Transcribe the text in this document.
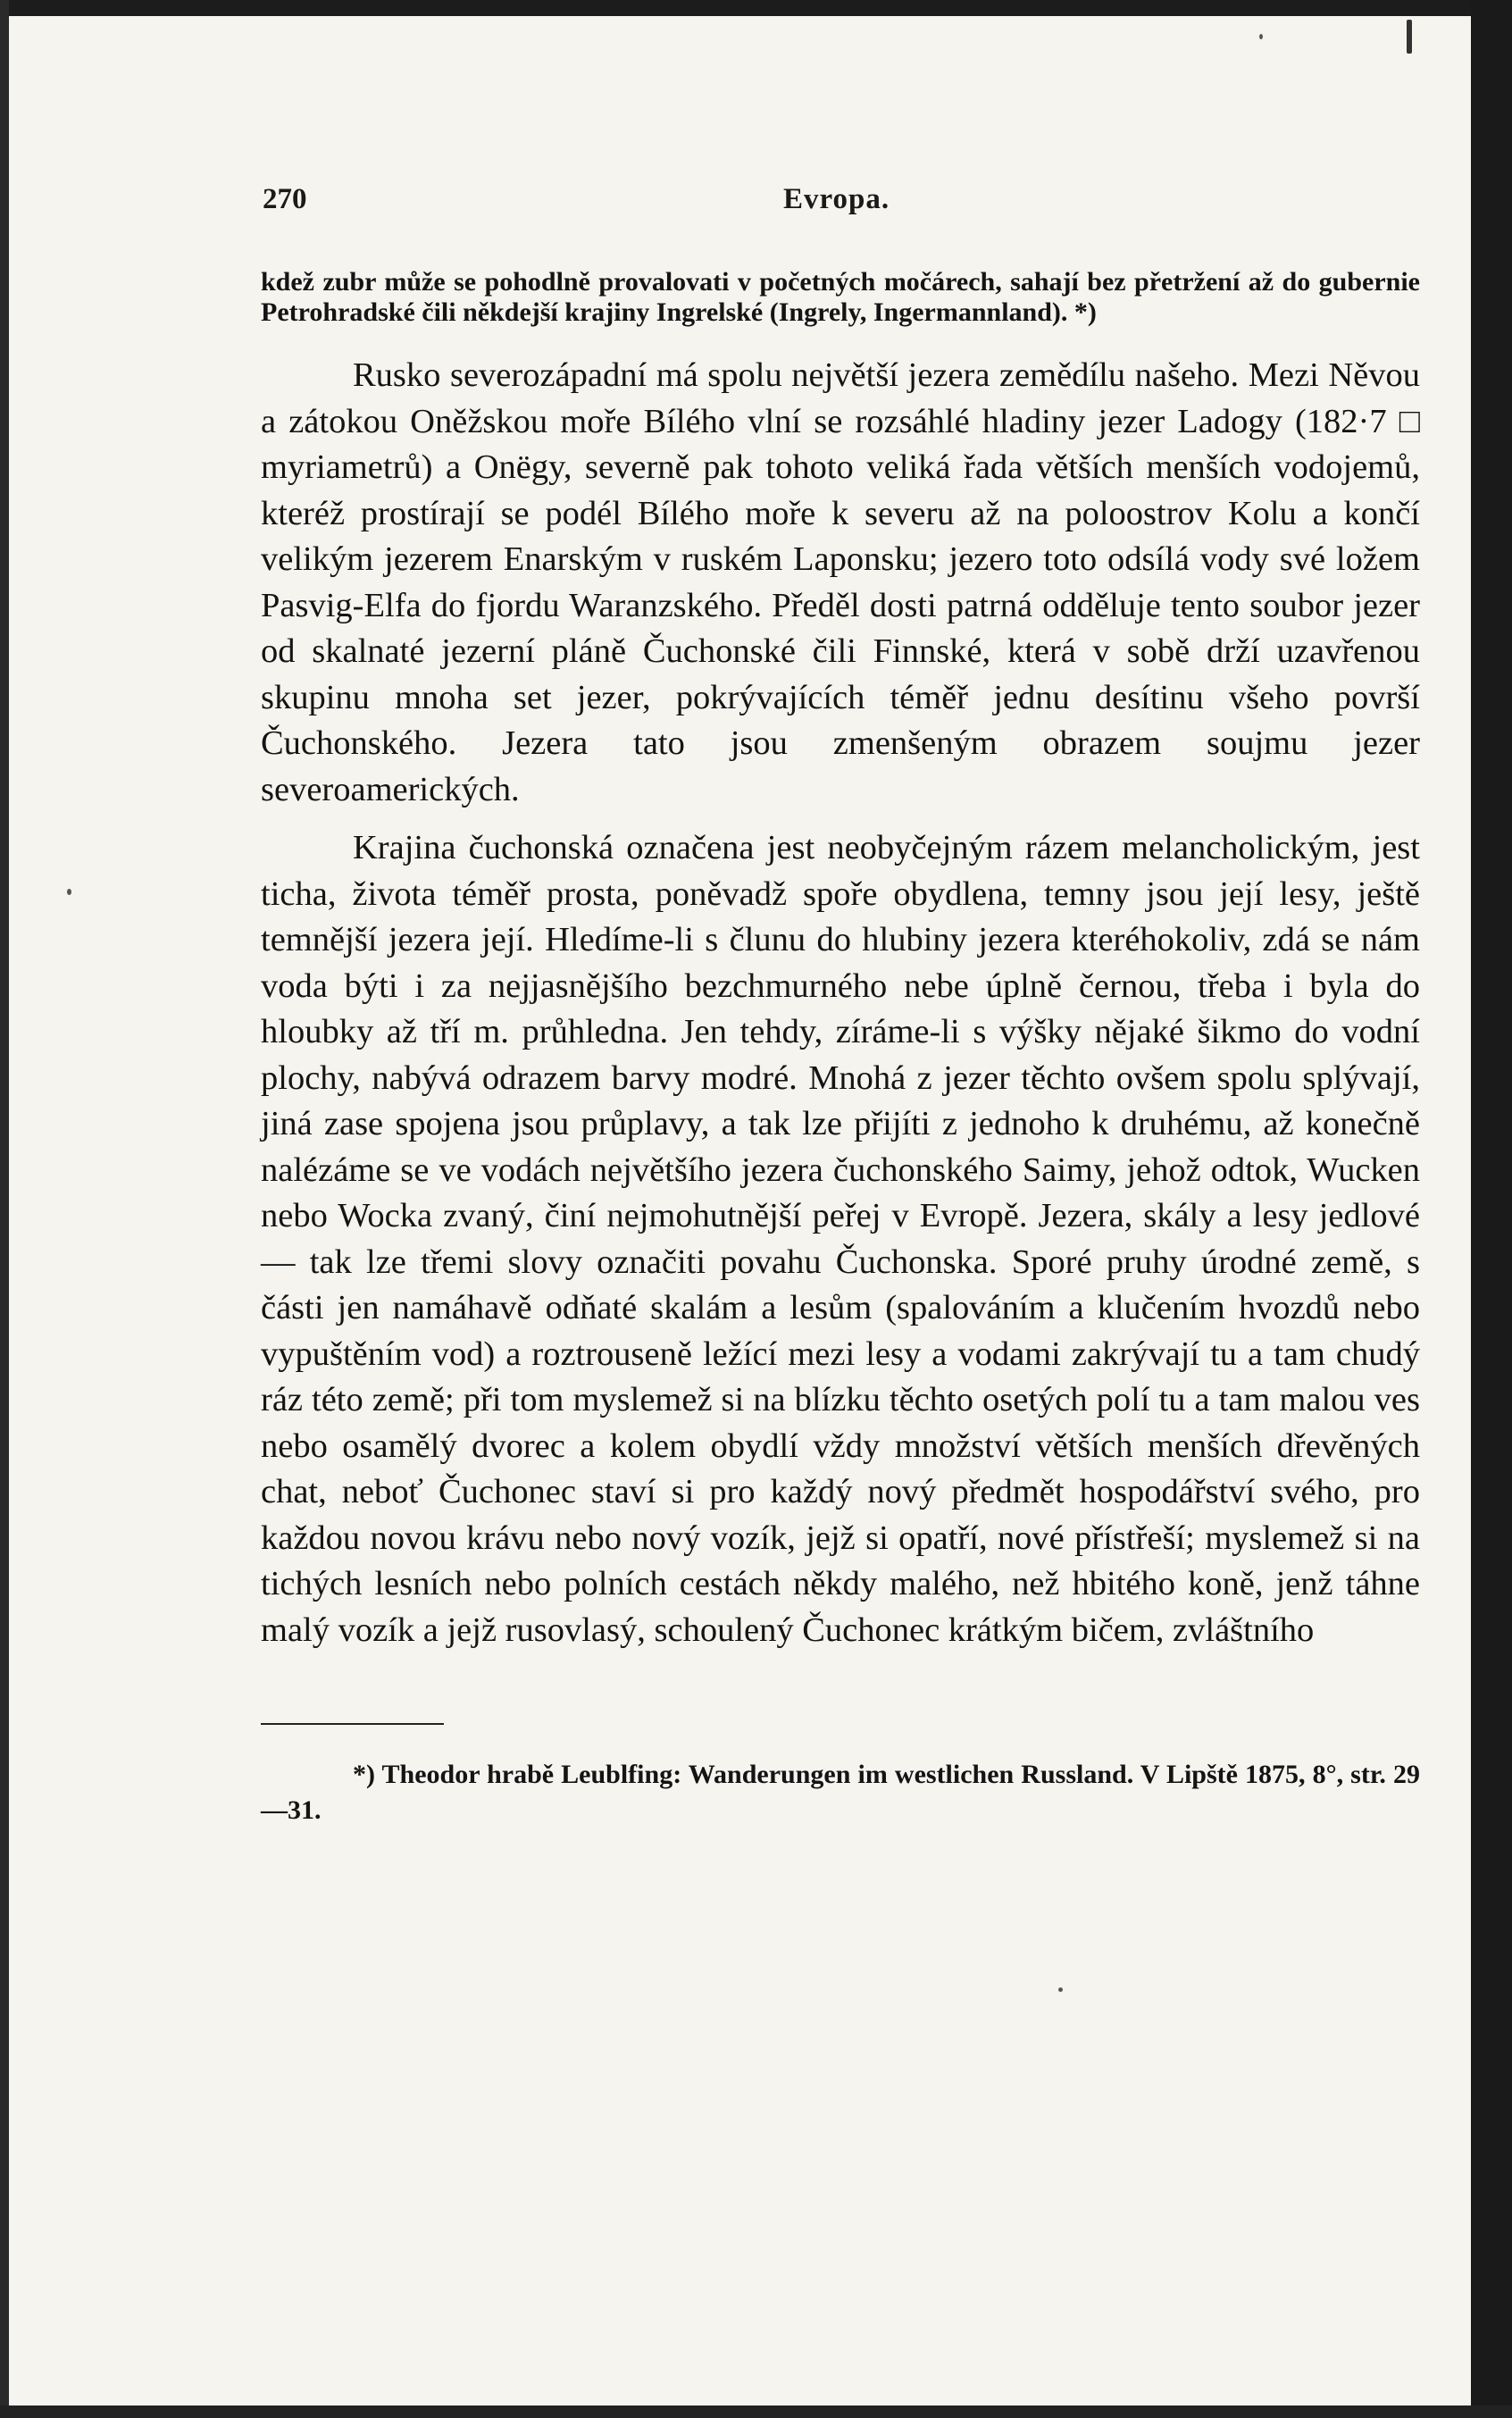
270	Evropa.
kdež zubr může se pohodlně provalovati v početných močárech, sahají bez přetržení až do gubernie Petrohradské čili někdejší krajiny Ingrelské (Ingrely, Ingermannland). *)

Rusko severozápadní má spolu největší jezera zemědílu našeho. Mezi Něvou a zátokou Oněžskou moře Bílého vlní se rozsáhlé hladiny jezer Ladogy (182·7 □ myriametrů) a Onëgy, severně pak tohoto veliká řada větších menších vodojemů, kteréž prostírají se podél Bílého moře k severu až na poloostrov Kolu a končí velikým jezerem Enarským v ruském Laponsku; jezero toto odsílá vody své ložem Pasvig-Elfa do fjordu Waranzského. Předěl dosti patrná odděluje tento soubor jezer od skalnaté jezerní pláně Čuchonské čili Finnské, která v sobě drží uzavřenou skupinu mnoha set jezer, pokrývajících téměř jednu desítinu všeho površí Čuchonského. Jezera tato jsou zmenšeným obrazem soujmu jezer severoamerických.

Krajina čuchonská označena jest neobyčejným rázem melancholickým, jest ticha, života téměř prosta, poněvadž spoře obydlena, temny jsou její lesy, ještě temnější jezera její. Hledíme-li s člunu do hlubiny jezera kteréhokoliv, zdá se nám voda býti i za nejjasnějšího bezchmurného nebe úplně černou, třeba i byla do hloubky až tří m. průhledna. Jen tehdy, zíráme-li s výšky nějaké šikmo do vodní plochy, nabývá odrazem barvy modré. Mnohá z jezer těchto ovšem spolu splývají, jiná zase spojena jsou průplavy, a tak lze přijíti z jednoho k druhému, až konečně nalézáme se ve vodách největšího jezera čuchonského Saimy, jehož odtok, Wucken nebo Wocka zvaný, činí nejmohutnější peřej v Evropě. Jezera, skály a lesy jedlové — tak lze třemi slovy označiti povahu Čuchonska. Sporé pruhy úrodné země, s části jen namáhavě odňaté skalám a lesům (spalováním a klučením hvozdů nebo vypuštěním vod) a roztrouseně ležící mezi lesy a vodami zakrývají tu a tam chudý ráz této země; při tom myslemež si na blízku těchto osetých polí tu a tam malou ves nebo osamělý dvorec a kolem obydlí vždy množství větších menších dřevěných chat, neboť Čuchonec staví si pro každý nový předmět hospodářství svého, pro každou novou krávu nebo nový vozík, jejž si opatří, nové přístřeší; myslemež si na tichých lesních nebo polních cestách někdy malého, než hbitého koně, jenž táhne malý vozík a jejž rusovlasý, schoulený Čuchonec krátkým bičem, zvláštního

*) Theodor hrabě Leublfing: Wanderungen im westlichen Russland. V Lipště 1875, 8°, str. 29—31.
